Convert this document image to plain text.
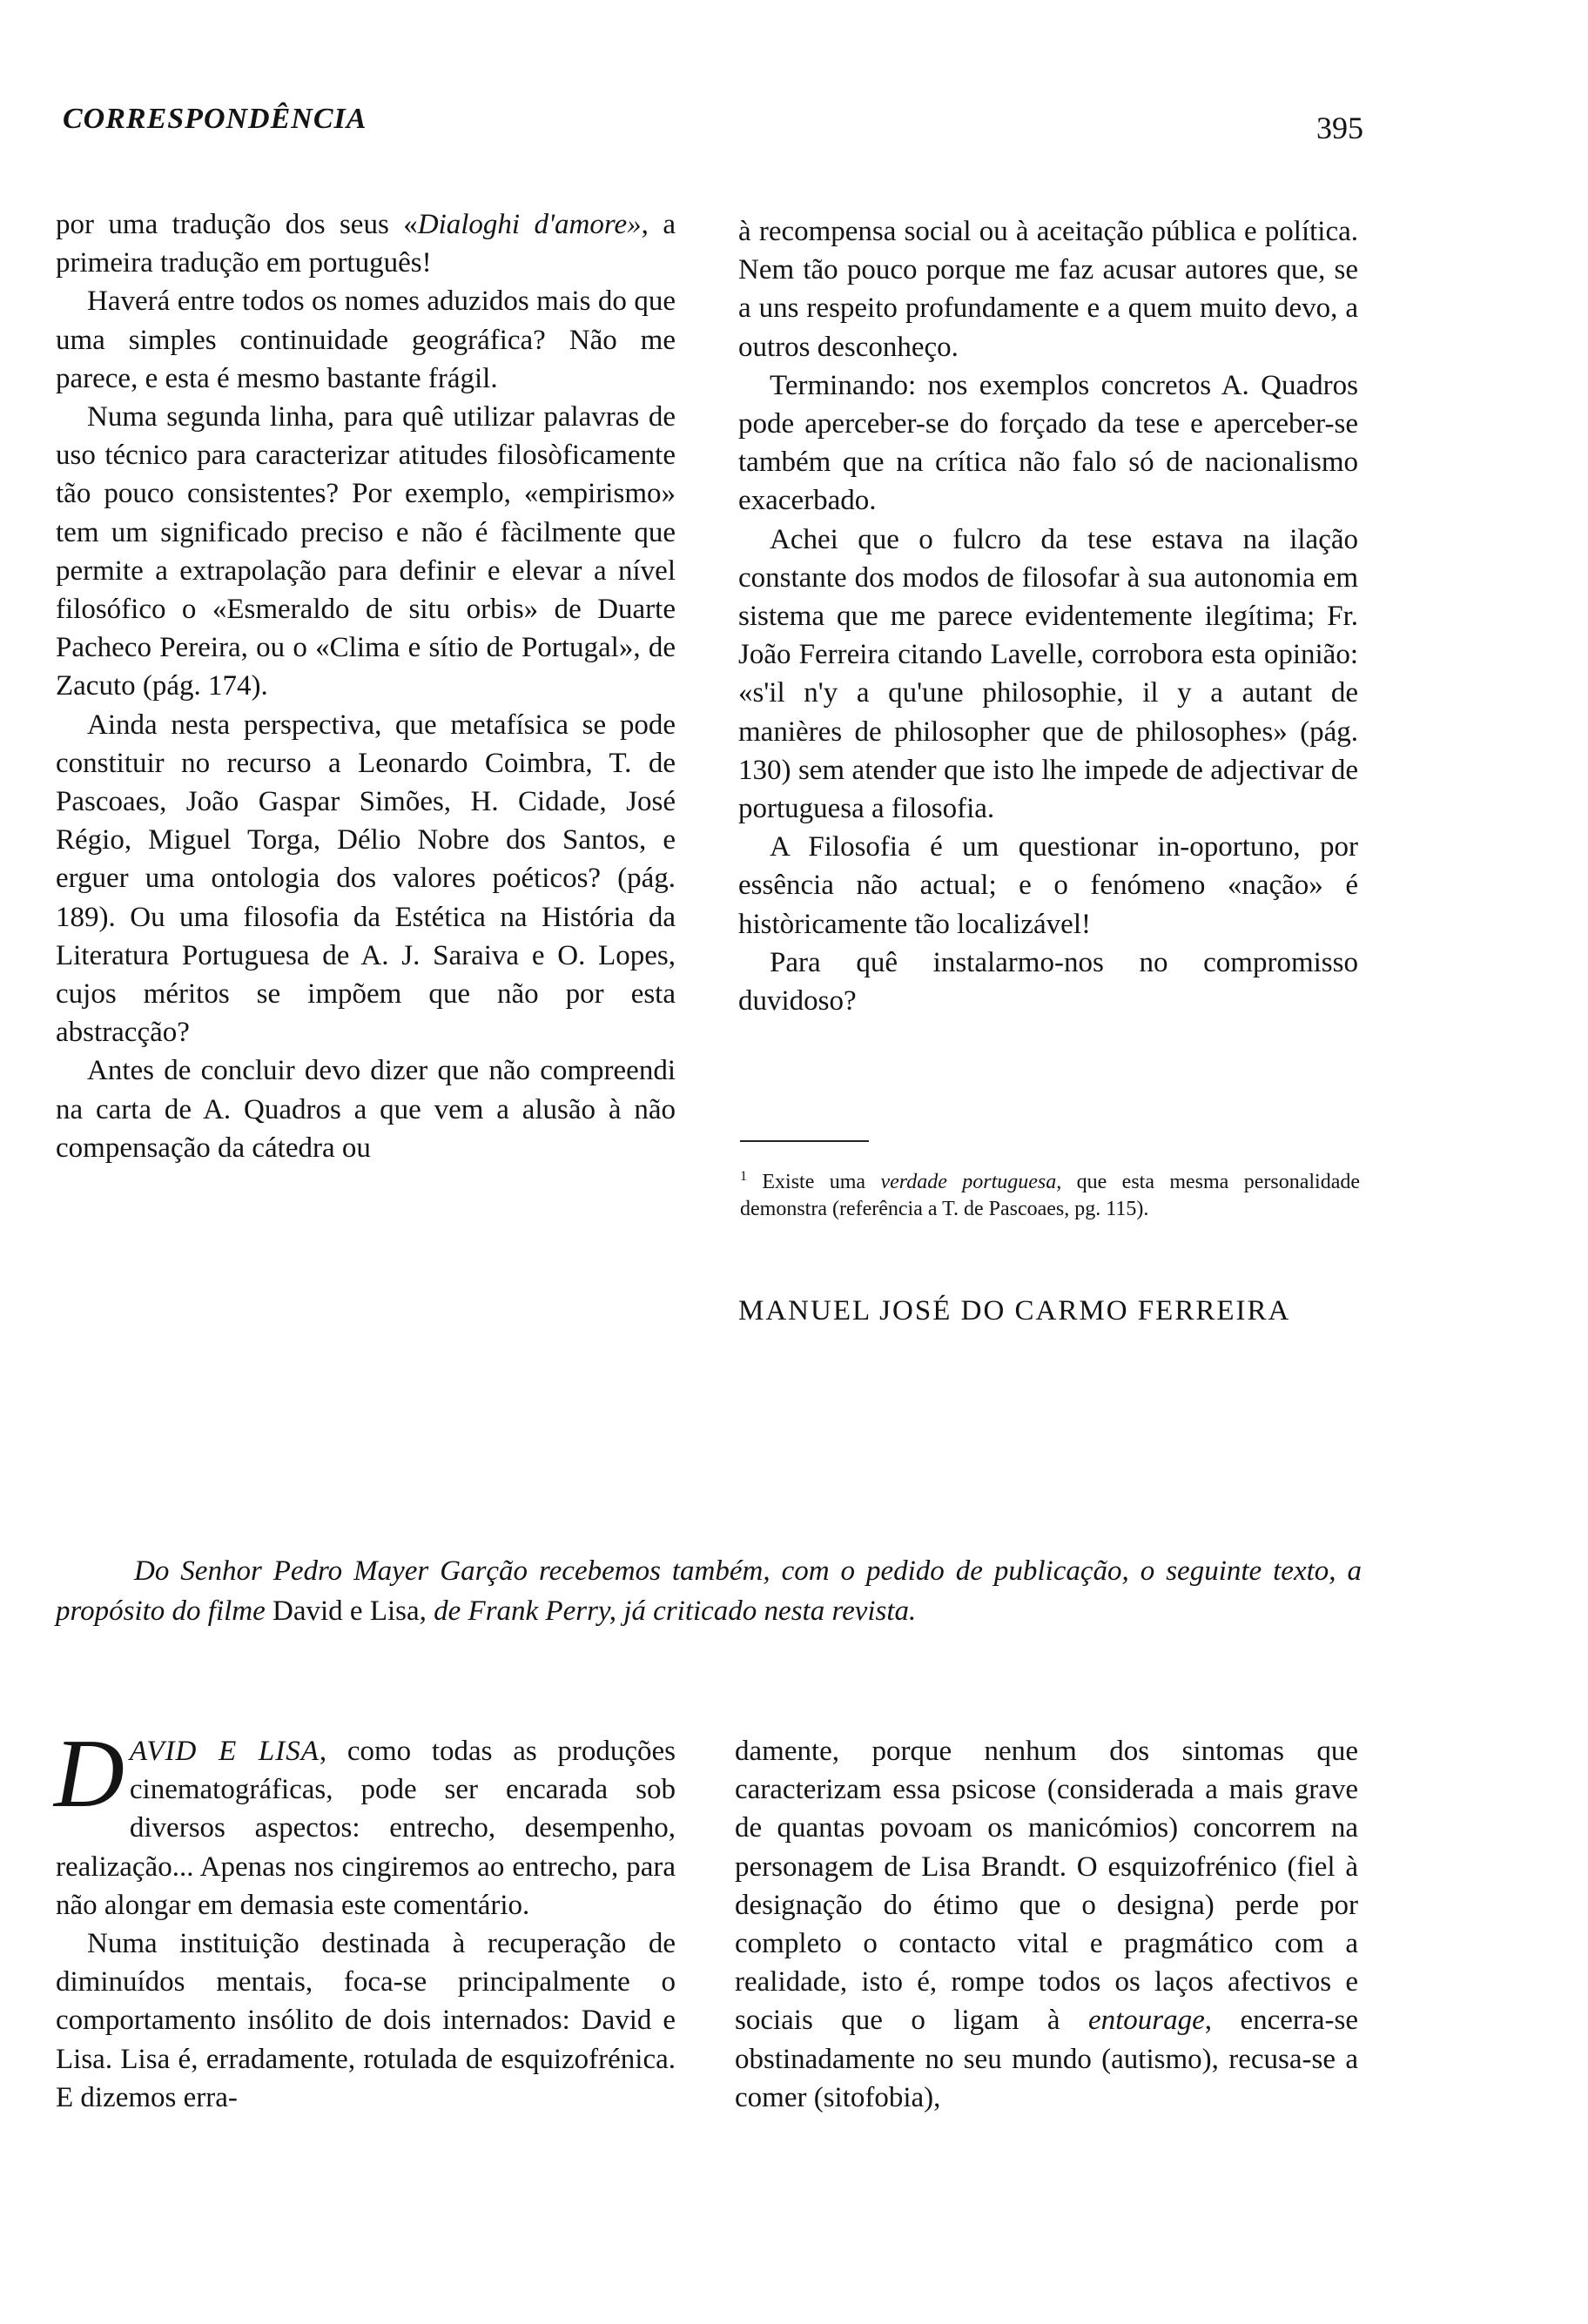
CORRESPONDÊNCIA	395

por uma tradução dos seus «Dialoghi d'amore», a primeira tradução em português!

Haverá entre todos os nomes aduzidos mais do que uma simples continuidade geográfica? Não me parece, e esta é mesmo bastante frágil.

Numa segunda linha, para quê utilizar palavras de uso técnico para caracterizar atitudes filosòficamente tão pouco consistentes? Por exemplo, «empirismo» tem um significado preciso e não é fàcilmente que permite a extrapolação para definir e elevar a nível filosófico o «Esmeraldo de situ orbis» de Duarte Pacheco Pereira, ou o «Clima e sítio de Portugal», de Zacuto (pág. 174).

Ainda nesta perspectiva, que metafísica se pode constituir no recurso a Leonardo Coimbra, T. de Pascoaes, João Gaspar Simões, H. Cidade, José Régio, Miguel Torga, Délio Nobre dos Santos, e erguer uma ontologia dos valores poéticos? (pág. 189). Ou uma filosofia da Estética na História da Literatura Portuguesa de A. J. Saraiva e O. Lopes, cujos méritos se impõem que não por esta abstracção?

Antes de concluir devo dizer que não compreendi na carta de A. Quadros a que vem a alusão à não compensação da cátedra ou

à recompensa social ou à aceitação pública e política. Nem tão pouco porque me faz acusar autores que, se a uns respeito profundamente e a quem muito devo, a outros desconheço.

Terminando: nos exemplos concretos A. Quadros pode aperceber-se do forçado da tese e aperceber-se também que na crítica não falo só de nacionalismo exacerbado.

Achei que o fulcro da tese estava na ilação constante dos modos de filosofar à sua autonomia em sistema que me parece evidentemente ilegítima; Fr. João Ferreira citando Lavelle, corrobora esta opinião: «s'il n'y a qu'une philosophie, il y a autant de manières de philosopher que de philosophes» (pág. 130) sem atender que isto lhe impede de adjectivar de portuguesa a filosofia.

A Filosofia é um questionar in-oportuno, por essência não actual; e o fenómeno «nação» é històricamente tão localizável!

Para quê instalarmo-nos no compromisso duvidoso?

$^1$ Existe uma verdade portuguesa, que esta mesma personalidade demonstra (referência a T. de Pascoaes, pg. 115).
MANUEL JOSÉ DO CARMO FERREIRA
Do Senhor Pedro Mayer Garção recebemos também, com o pedido de publicação, o seguinte texto, a propósito do filme David e Lisa, de Frank Perry, já criticado nesta revista.

DAVID E LISA, como todas as produções cinematográficas, pode ser encarada sob diversos aspectos: entrecho, desempenho, realização... Apenas nos cingiremos ao entrecho, para não alongar em demasia este comentário.

Numa instituição destinada à recuperação de diminuídos mentais, foca-se principalmente o comportamento insólito de dois internados: David e Lisa. Lisa é, erradamente, rotulada de esquizofrénica. E dizemos erra-

damente, porque nenhum dos sintomas que caracterizam essa psicose (considerada a mais grave de quantas povoam os manicómios) concorrem na personagem de Lisa Brandt. O esquizofrénico (fiel à designação do étimo que o designa) perde por completo o contacto vital e pragmático com a realidade, isto é, rompe todos os laços afectivos e sociais que o ligam à entourage, encerra-se obstinadamente no seu mundo (autismo), recusa-se a comer (sitofobia),
